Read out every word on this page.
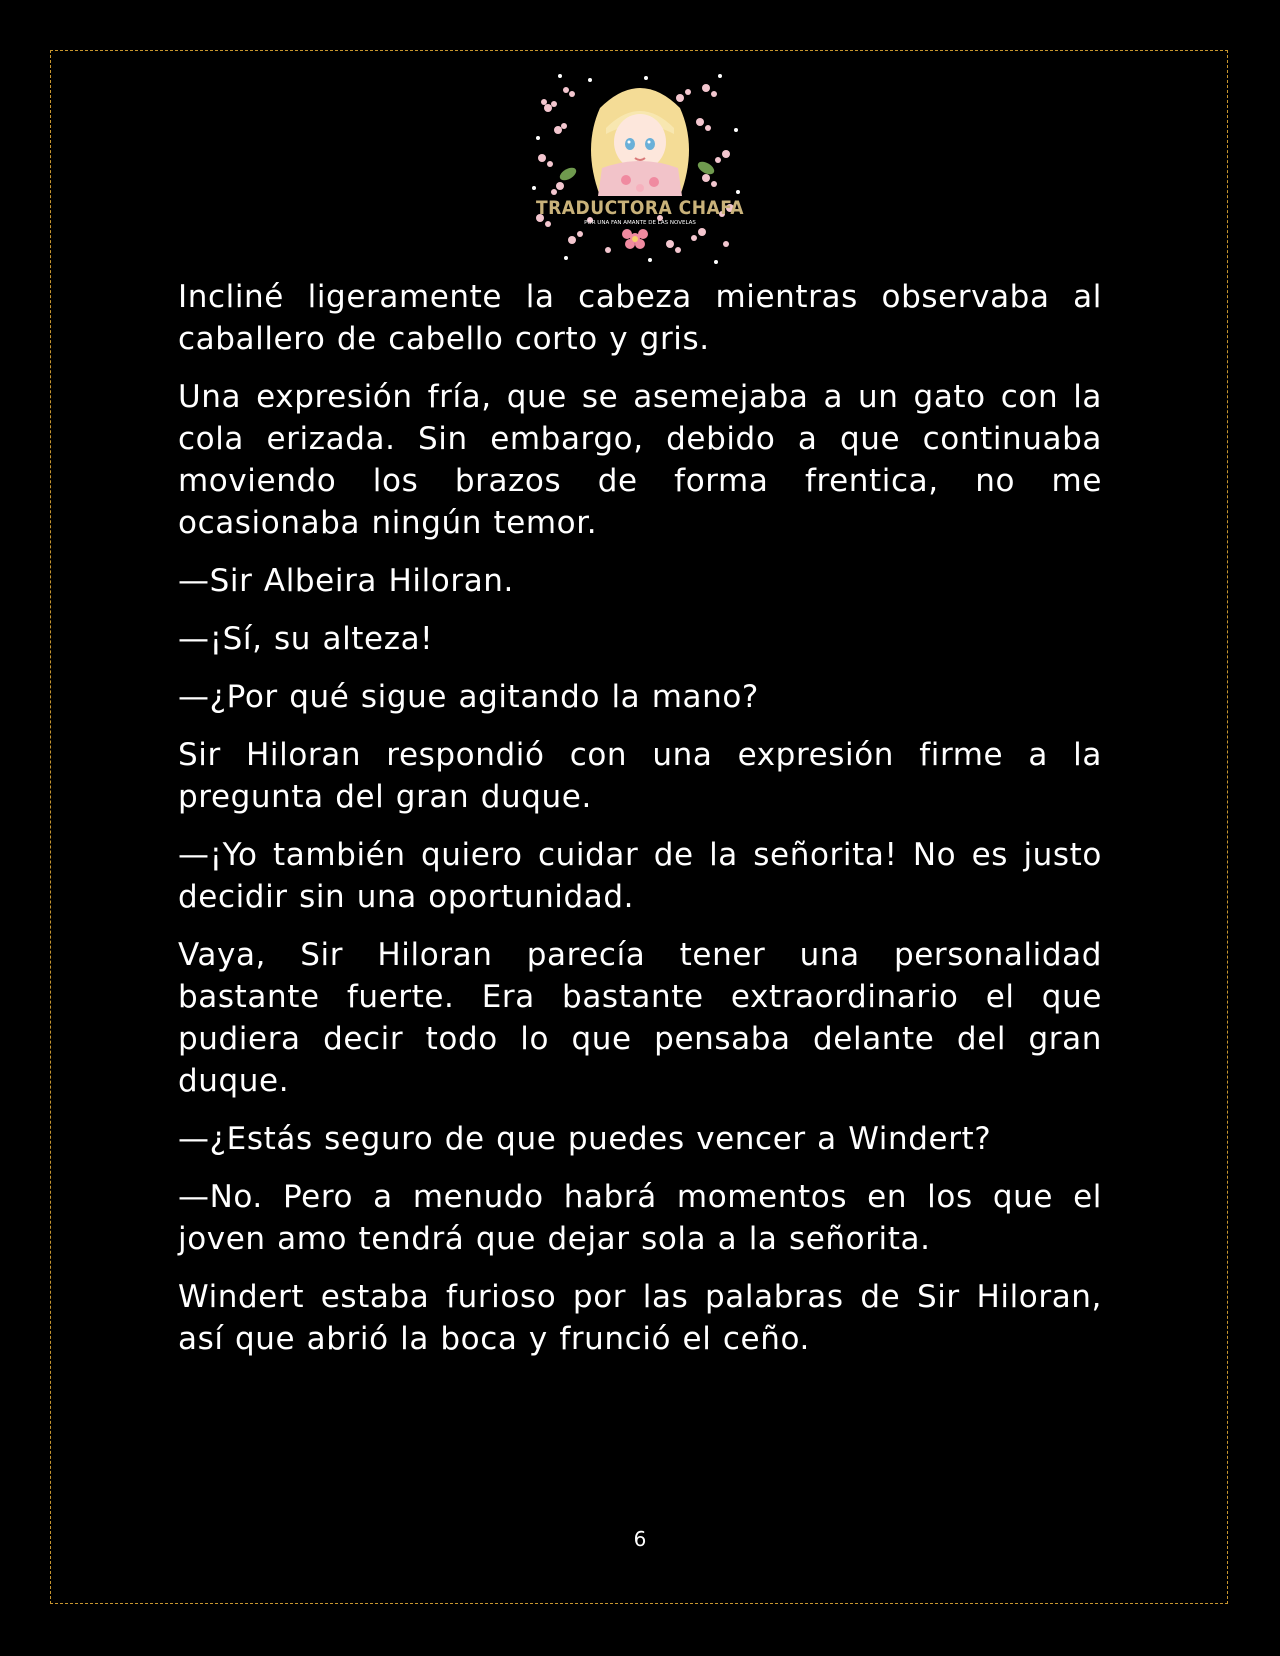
TRADUCTORA CHAFA
POR UNA FAN AMANTE DE LAS NOVELAS

Incliné ligeramente la cabeza mientras observaba al caballero de cabello corto y gris.

Una expresión fría, que se asemejaba a un gato con la cola erizada. Sin embargo, debido a que continuaba moviendo los brazos de forma frentica, no me ocasionaba ningún temor.

—Sir Albeira Hiloran.

—¡Sí, su alteza!

—¿Por qué sigue agitando la mano?

Sir Hiloran respondió con una expresión firme a la pregunta del gran duque.

—¡Yo también quiero cuidar de la señorita! No es justo decidir sin una oportunidad.

Vaya, Sir Hiloran parecía tener una personalidad bastante fuerte. Era bastante extraordinario el que pudiera decir todo lo que pensaba delante del gran duque.

—¿Estás seguro de que puedes vencer a Windert?

—No. Pero a menudo habrá momentos en los que el joven amo tendrá que dejar sola a la señorita.

Windert estaba furioso por las palabras de Sir Hiloran, así que abrió la boca y frunció el ceño.

6
